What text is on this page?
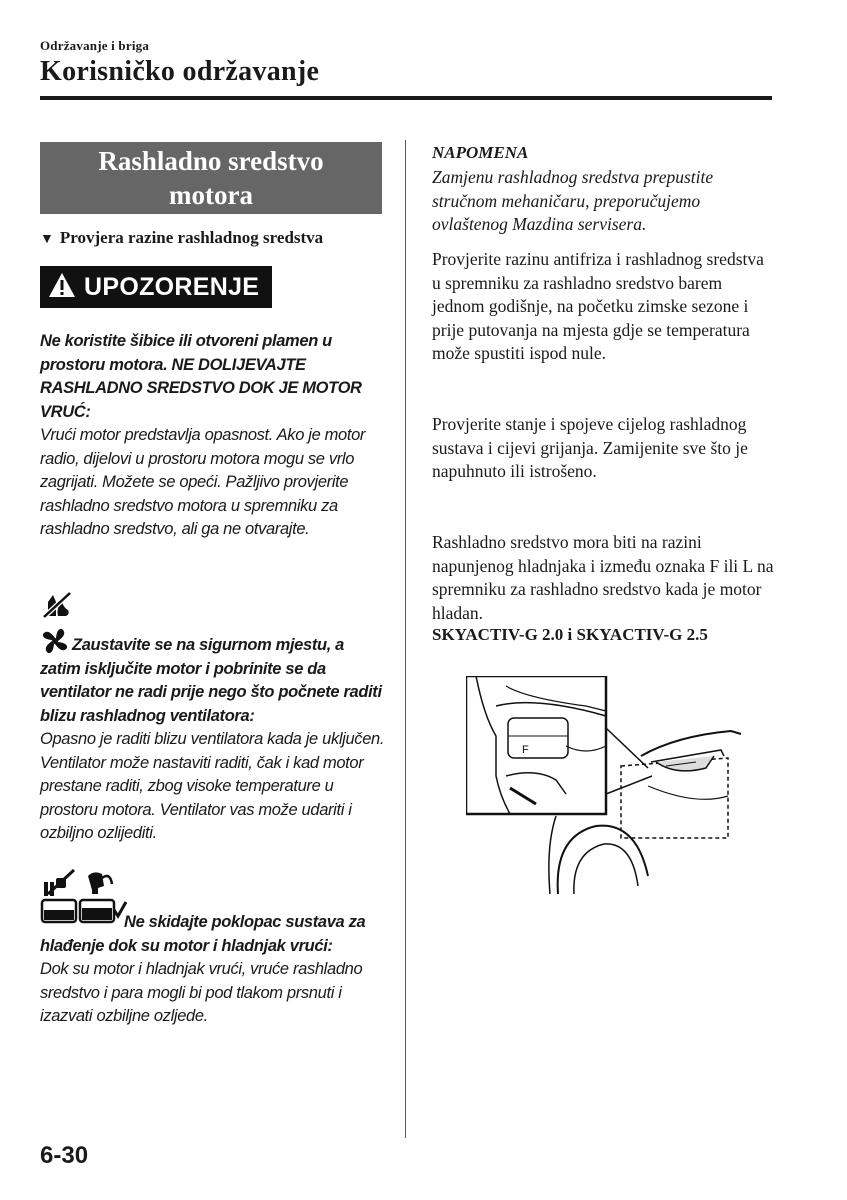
Održavanje i briga
Korisničko održavanje
Rashladno sredstvo
motora
▼ Provjera razine rashladnog sredstva
UPOZORENJE
Ne koristite šibice ili otvoreni plamen u prostoru motora. NE DOLIJEVAJTE RASHLADNO SREDSTVO DOK JE MOTOR VRUĆ:
Vrući motor predstavlja opasnost. Ako je motor radio, dijelovi u prostoru motora mogu se vrlo zagrijati. Možete se opeći. Pažljivo provjerite rashladno sredstvo motora u spremniku za rashladno sredstvo, ali ga ne otvarajte.
Zaustavite se na sigurnom mjestu, a zatim isključite motor i pobrinite se da ventilator ne radi prije nego što počnete raditi blizu rashladnog ventilatora:
Opasno je raditi blizu ventilatora kada je uključen. Ventilator može nastaviti raditi, čak i kad motor prestane raditi, zbog visoke temperature u prostoru motora. Ventilator vas može udariti i ozbiljno ozlijediti.
Ne skidajte poklopac sustava za hlađenje dok su motor i hladnjak vrući:
Dok su motor i hladnjak vrući, vruće rashladno sredstvo i para mogli bi pod tlakom prsnuti i izazvati ozbiljne ozljede.
NAPOMENA
Zamjenu rashladnog sredstva prepustite stručnom mehaničaru, preporučujemo ovlaštenog Mazdina servisera.
Provjerite razinu antifriza i rashladnog sredstva u spremniku za rashladno sredstvo barem jednom godišnje, na početku zimske sezone i prije putovanja na mjesta gdje se temperatura može spustiti ispod nule.
Provjerite stanje i spojeve cijelog rashladnog sustava i cijevi grijanja. Zamijenite sve što je napuhnuto ili istrošeno.
Rashladno sredstvo mora biti na razini napunjenog hladnjaka i između oznaka F ili L na spremniku za rashladno sredstvo kada je motor hladan.
SKYACTIV-G 2.0 i SKYACTIV-G 2.5
F
6-30
